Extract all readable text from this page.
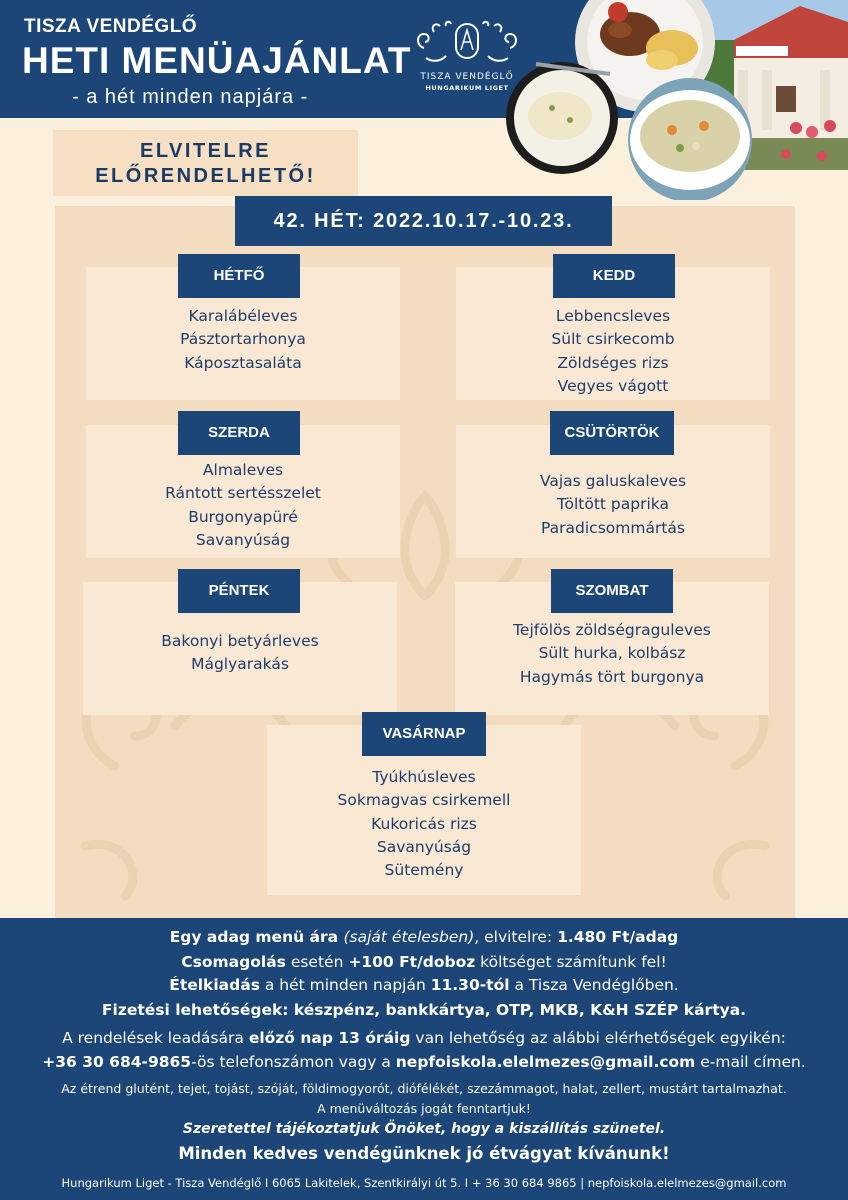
TISZA VENDÉGLŐ
HETI MENÜAJÁNLAT
- a hét minden napjára -
TISZA VENDÉGLŐ
HUNGARIKUM LIGET
ELVITELRE
ELŐRENDELHETŐ!
42. HÉT: 2022.10.17.-10.23.
HÉTFŐ
Karalábéleves
Pásztortarhonya
Káposztasaláta
KEDD
Lebbencsleves
Sült csirkecomb
Zöldséges rizs
Vegyes vágott
SZERDA
Almaleves
Rántott sertésszelet
Burgonyapüré
Savanyúság
CSÜTÖRTÖK
Vajas galuskaleves
Töltött paprika
Paradicsommártás
PÉNTEK
Bakonyi betyárleves
Máglyarakás
SZOMBAT
Tejfölös zöldségraguleves
Sült hurka, kolbász
Hagymás tört burgonya
VASÁRNAP
Tyúkhúsleves
Sokmagvas csirkemell
Kukoricás rizs
Savanyúság
Sütemény
Egy adag menü ára (saját ételesben), elvitelre: 1.480 Ft/adag
Csomagolás esetén +100 Ft/doboz költséget számítunk fel!
Ételkiadás a hét minden napján 11.30-tól a Tisza Vendéglőben.
Fizetési lehetőségek: készpénz, bankkártya, OTP, MKB, K&H SZÉP kártya.
A rendelések leadására előző nap 13 óráig van lehetőség az alábbi elérhetőségek egyikén:
+36 30 684-9865-ös telefonszámon vagy a nepfoiskola.elelmezes@gmail.com e-mail címen.
Az étrend glutént, tejet, tojást, szóját, földimogyorót, diófélékét, szezámmagot, halat, zellert, mustárt tartalmazhat.
A menüváltozás jogát fenntartjuk!
Szeretettel tájékoztatjuk Önöket, hogy a kiszállítás szünetel.
Minden kedves vendégünknek jó étvágyat kívánunk!
Hungarikum Liget - Tisza Vendéglő I 6065 Lakitelek, Szentkirályi út 5. I + 36 30 684 9865 | nepfoiskola.elelmezes@gmail.com
